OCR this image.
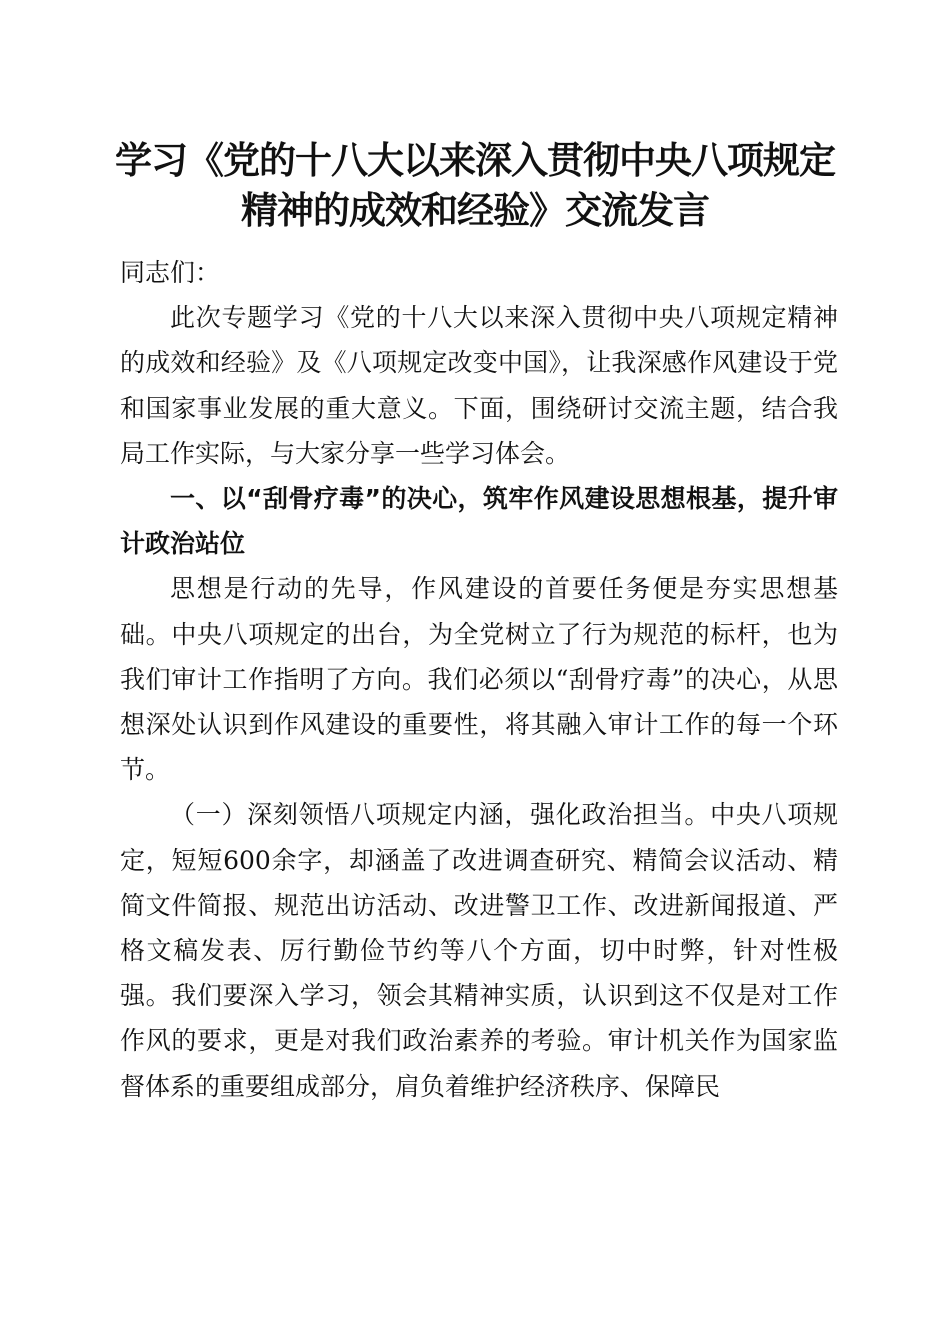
学习《党的十八大以来深入贯彻中央八项规定
精神的成效和经验》交流发言

同志们：

此次专题学习《党的十八大以来深入贯彻中央八项规定精神的成效和经验》及《八项规定改变中国》，让我深感作风建设于党和国家事业发展的重大意义。下面，围绕研讨交流主题，结合我局工作实际，与大家分享一些学习体会。

一、以“刮骨疗毒”的决心，筑牢作风建设思想根基，提升审计政治站位

思想是行动的先导，作风建设的首要任务便是夯实思想基础。中央八项规定的出台，为全党树立了行为规范的标杆，也为我们审计工作指明了方向。我们必须以“刮骨疗毒”的决心，从思想深处认识到作风建设的重要性，将其融入审计工作的每一个环节。

（一）深刻领悟八项规定内涵，强化政治担当。中央八项规定，短短600余字，却涵盖了改进调查研究、精简会议活动、精简文件简报、规范出访活动、改进警卫工作、改进新闻报道、严格文稿发表、厉行勤俭节约等八个方面，切中时弊，针对性极强。我们要深入学习，领会其精神实质，认识到这不仅是对工作作风的要求，更是对我们政治素养的考验。审计机关作为国家监督体系的重要组成部分，肩负着维护经济秩序、保障民
